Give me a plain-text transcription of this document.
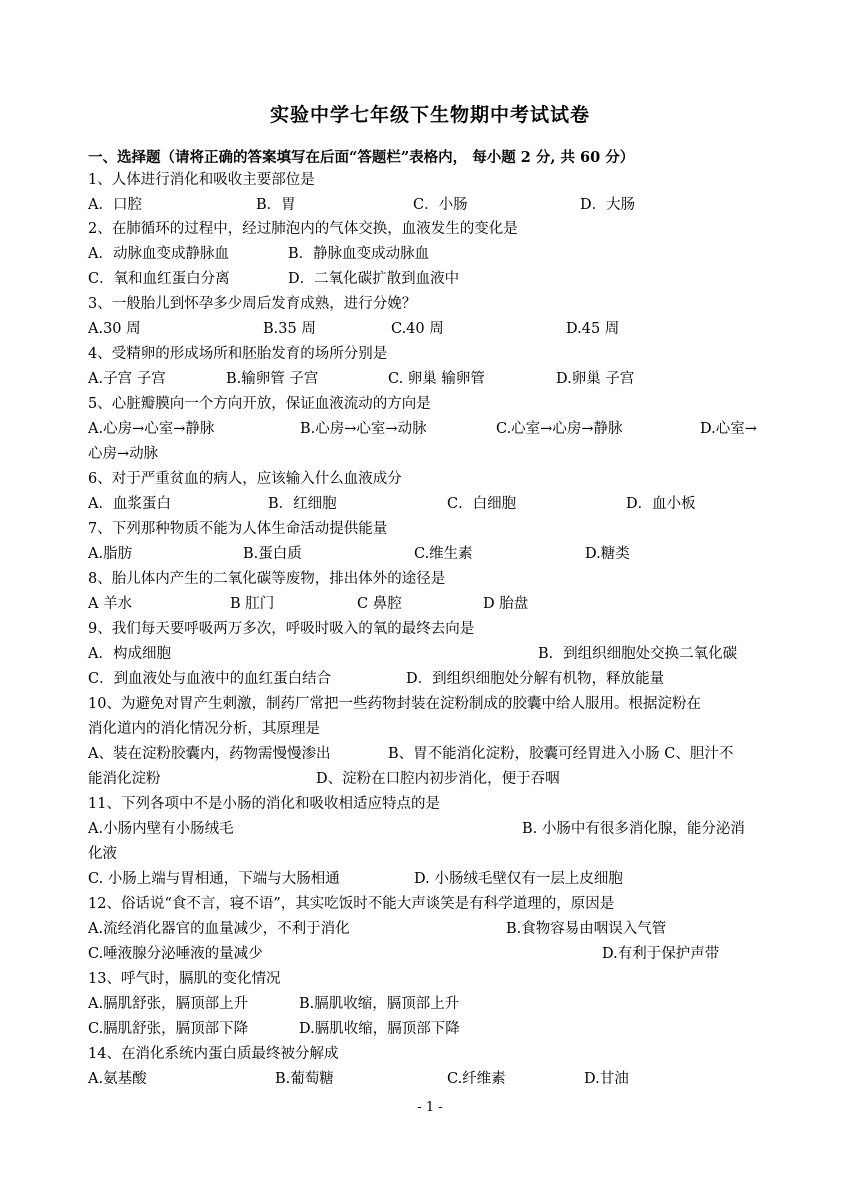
实验中学七年级下生物期中考试试卷
一、选择题（请将正确的答案填写在后面“答题栏”表格内， 每小题 2 分, 共 60 分）
1、人体进行消化和吸收主要部位是
A．口腔	B．胃	C．小肠	D．大肠
2、在肺循环的过程中，经过肺泡内的气体交换，血液发生的变化是
A．动脉血变成静脉血	B．静脉血变成动脉血
C．氧和血红蛋白分离	D．二氧化碳扩散到血液中
3、一般胎儿到怀孕多少周后发育成熟，进行分娩？
A.30 周	B.35 周	C.40 周	D.45 周
4、受精卵的形成场所和胚胎发育的场所分别是
A.子宫 子宫	B.输卵管 子宫	C. 卵巢 输卵管	D.卵巢 子宫
5、心脏瓣膜向一个方向开放，保证血液流动的方向是
A.心房→心室→静脉	B.心房→心室→动脉	C.心室→心房→静脉	D.心室→
心房→动脉
6、对于严重贫血的病人，应该输入什么血液成分
A．血浆蛋白	B．红细胞	C．白细胞	D．血小板
7、下列那种物质不能为人体生命活动提供能量
A.脂肪	B.蛋白质	C.维生素	D.糖类
8、胎儿体内产生的二氧化碳等废物，排出体外的途径是
A 羊水	B 肛门	C 鼻腔	D 胎盘
9、我们每天要呼吸两万多次，呼吸时吸入的氧的最终去向是
A．构成细胞	B．到组织细胞处交换二氧化碳
C．到血液处与血液中的血红蛋白结合	D．到组织细胞处分解有机物，释放能量
10、为避免对胃产生刺激，制药厂常把一些药物封装在淀粉制成的胶囊中给人服用。根据淀粉在
消化道内的消化情况分析，其原理是
A、装在淀粉胶囊内，药物需慢慢渗出	B、胃不能消化淀粉，胶囊可经胃进入小肠 C、胆汁不
能消化淀粉	D、淀粉在口腔内初步消化，便于吞咽
11、下列各项中不是小肠的消化和吸收相适应特点的是
A.小肠内壁有小肠绒毛	B. 小肠中有很多消化腺，能分泌消
化液
C. 小肠上端与胃相通，下端与大肠相通	D. 小肠绒毛壁仅有一层上皮细胞
12、俗话说“食不言，寝不语”，其实吃饭时不能大声谈笑是有科学道理的，原因是
A.流经消化器官的血量减少，不利于消化	B.食物容易由咽误入气管
C.唾液腺分泌唾液的量减少	D.有利于保护声带
13、呼气时，膈肌的变化情况
A.膈肌舒张，膈顶部上升	B.膈肌收缩，膈顶部上升
C.膈肌舒张，膈顶部下降	D.膈肌收缩，膈顶部下降
14、在消化系统内蛋白质最终被分解成
A.氨基酸	B.葡萄糖	C.纤维素	D.甘油
- 1 -
